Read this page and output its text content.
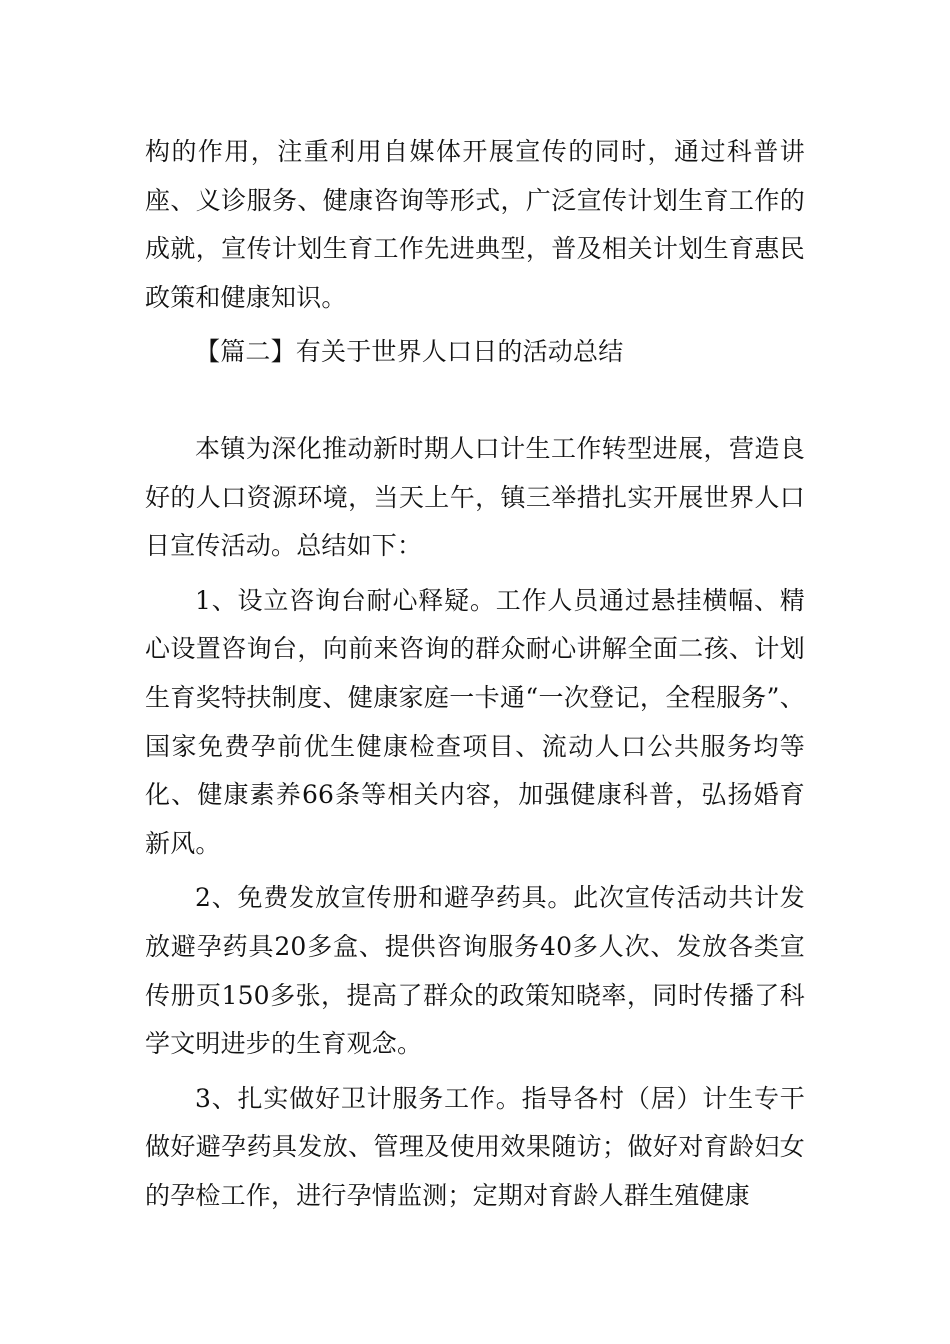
构的作用，注重利用自媒体开展宣传的同时，通过科普讲座、义诊服务、健康咨询等形式，广泛宣传计划生育工作的成就，宣传计划生育工作先进典型，普及相关计划生育惠民政策和健康知识。

【篇二】有关于世界人口日的活动总结

本镇为深化推动新时期人口计生工作转型进展，营造良好的人口资源环境，当天上午，镇三举措扎实开展世界人口日宣传活动。总结如下：

1、设立咨询台耐心释疑。工作人员通过悬挂横幅、精心设置咨询台，向前来咨询的群众耐心讲解全面二孩、计划生育奖特扶制度、健康家庭一卡通“一次登记，全程服务”、国家免费孕前优生健康检查项目、流动人口公共服务均等化、健康素养66条等相关内容，加强健康科普，弘扬婚育新风。

2、免费发放宣传册和避孕药具。此次宣传活动共计发放避孕药具20多盒、提供咨询服务40多人次、发放各类宣传册页150多张，提高了群众的政策知晓率，同时传播了科学文明进步的生育观念。

3、扎实做好卫计服务工作。指导各村（居）计生专干做好避孕药具发放、管理及使用效果随访；做好对育龄妇女的孕检工作，进行孕情监测；定期对育龄人群生殖健康
